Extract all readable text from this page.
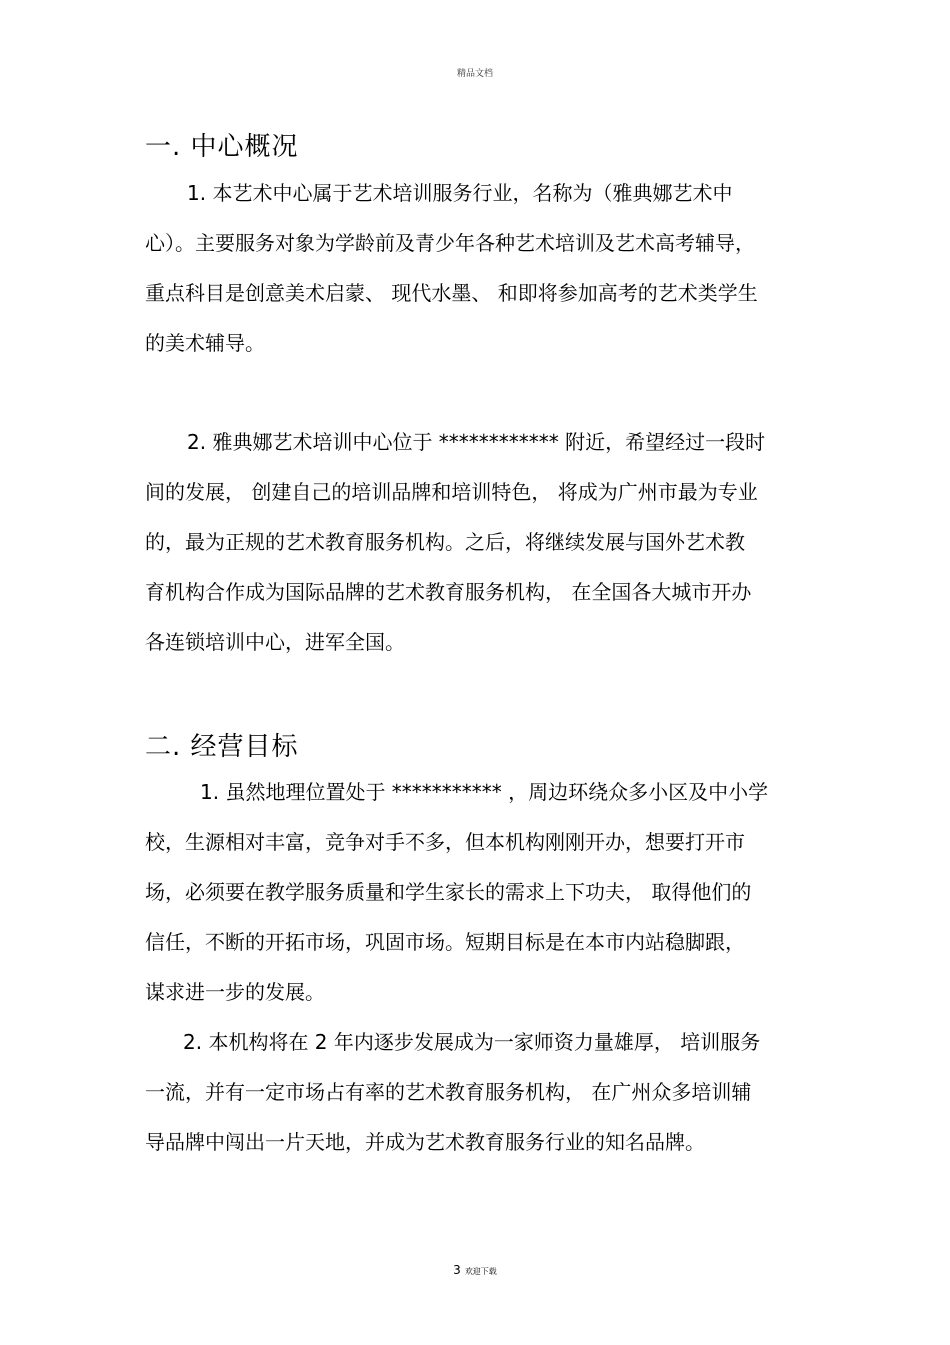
精品文档
一. 中心概况
1. 本艺术中心属于艺术培训服务行业，名称为（雅典娜艺术中
心）。主要服务对象为学龄前及青少年各种艺术培训及艺术高考辅导，
重点科目是创意美术启蒙、 现代水墨、 和即将参加高考的艺术类学生
的美术辅导。
2. 雅典娜艺术培训中心位于 ************ 附近，希望经过一段时
间的发展， 创建自己的培训品牌和培训特色， 将成为广州市最为专业
的，最为正规的艺术教育服务机构。之后，将继续发展与国外艺术教
育机构合作成为国际品牌的艺术教育服务机构， 在全国各大城市开办
各连锁培训中心，进军全国。
二. 经营目标
1. 虽然地理位置处于 *********** ，周边环绕众多小区及中小学
校，生源相对丰富，竞争对手不多，但本机构刚刚开办，想要打开市
场，必须要在教学服务质量和学生家长的需求上下功夫， 取得他们的
信任，不断的开拓市场，巩固市场。短期目标是在本市内站稳脚跟，
谋求进一步的发展。
2. 本机构将在 2 年内逐步发展成为一家师资力量雄厚， 培训服务
一流，并有一定市场占有率的艺术教育服务机构， 在广州众多培训辅
导品牌中闯出一片天地，并成为艺术教育服务行业的知名品牌。
3 欢迎下载
